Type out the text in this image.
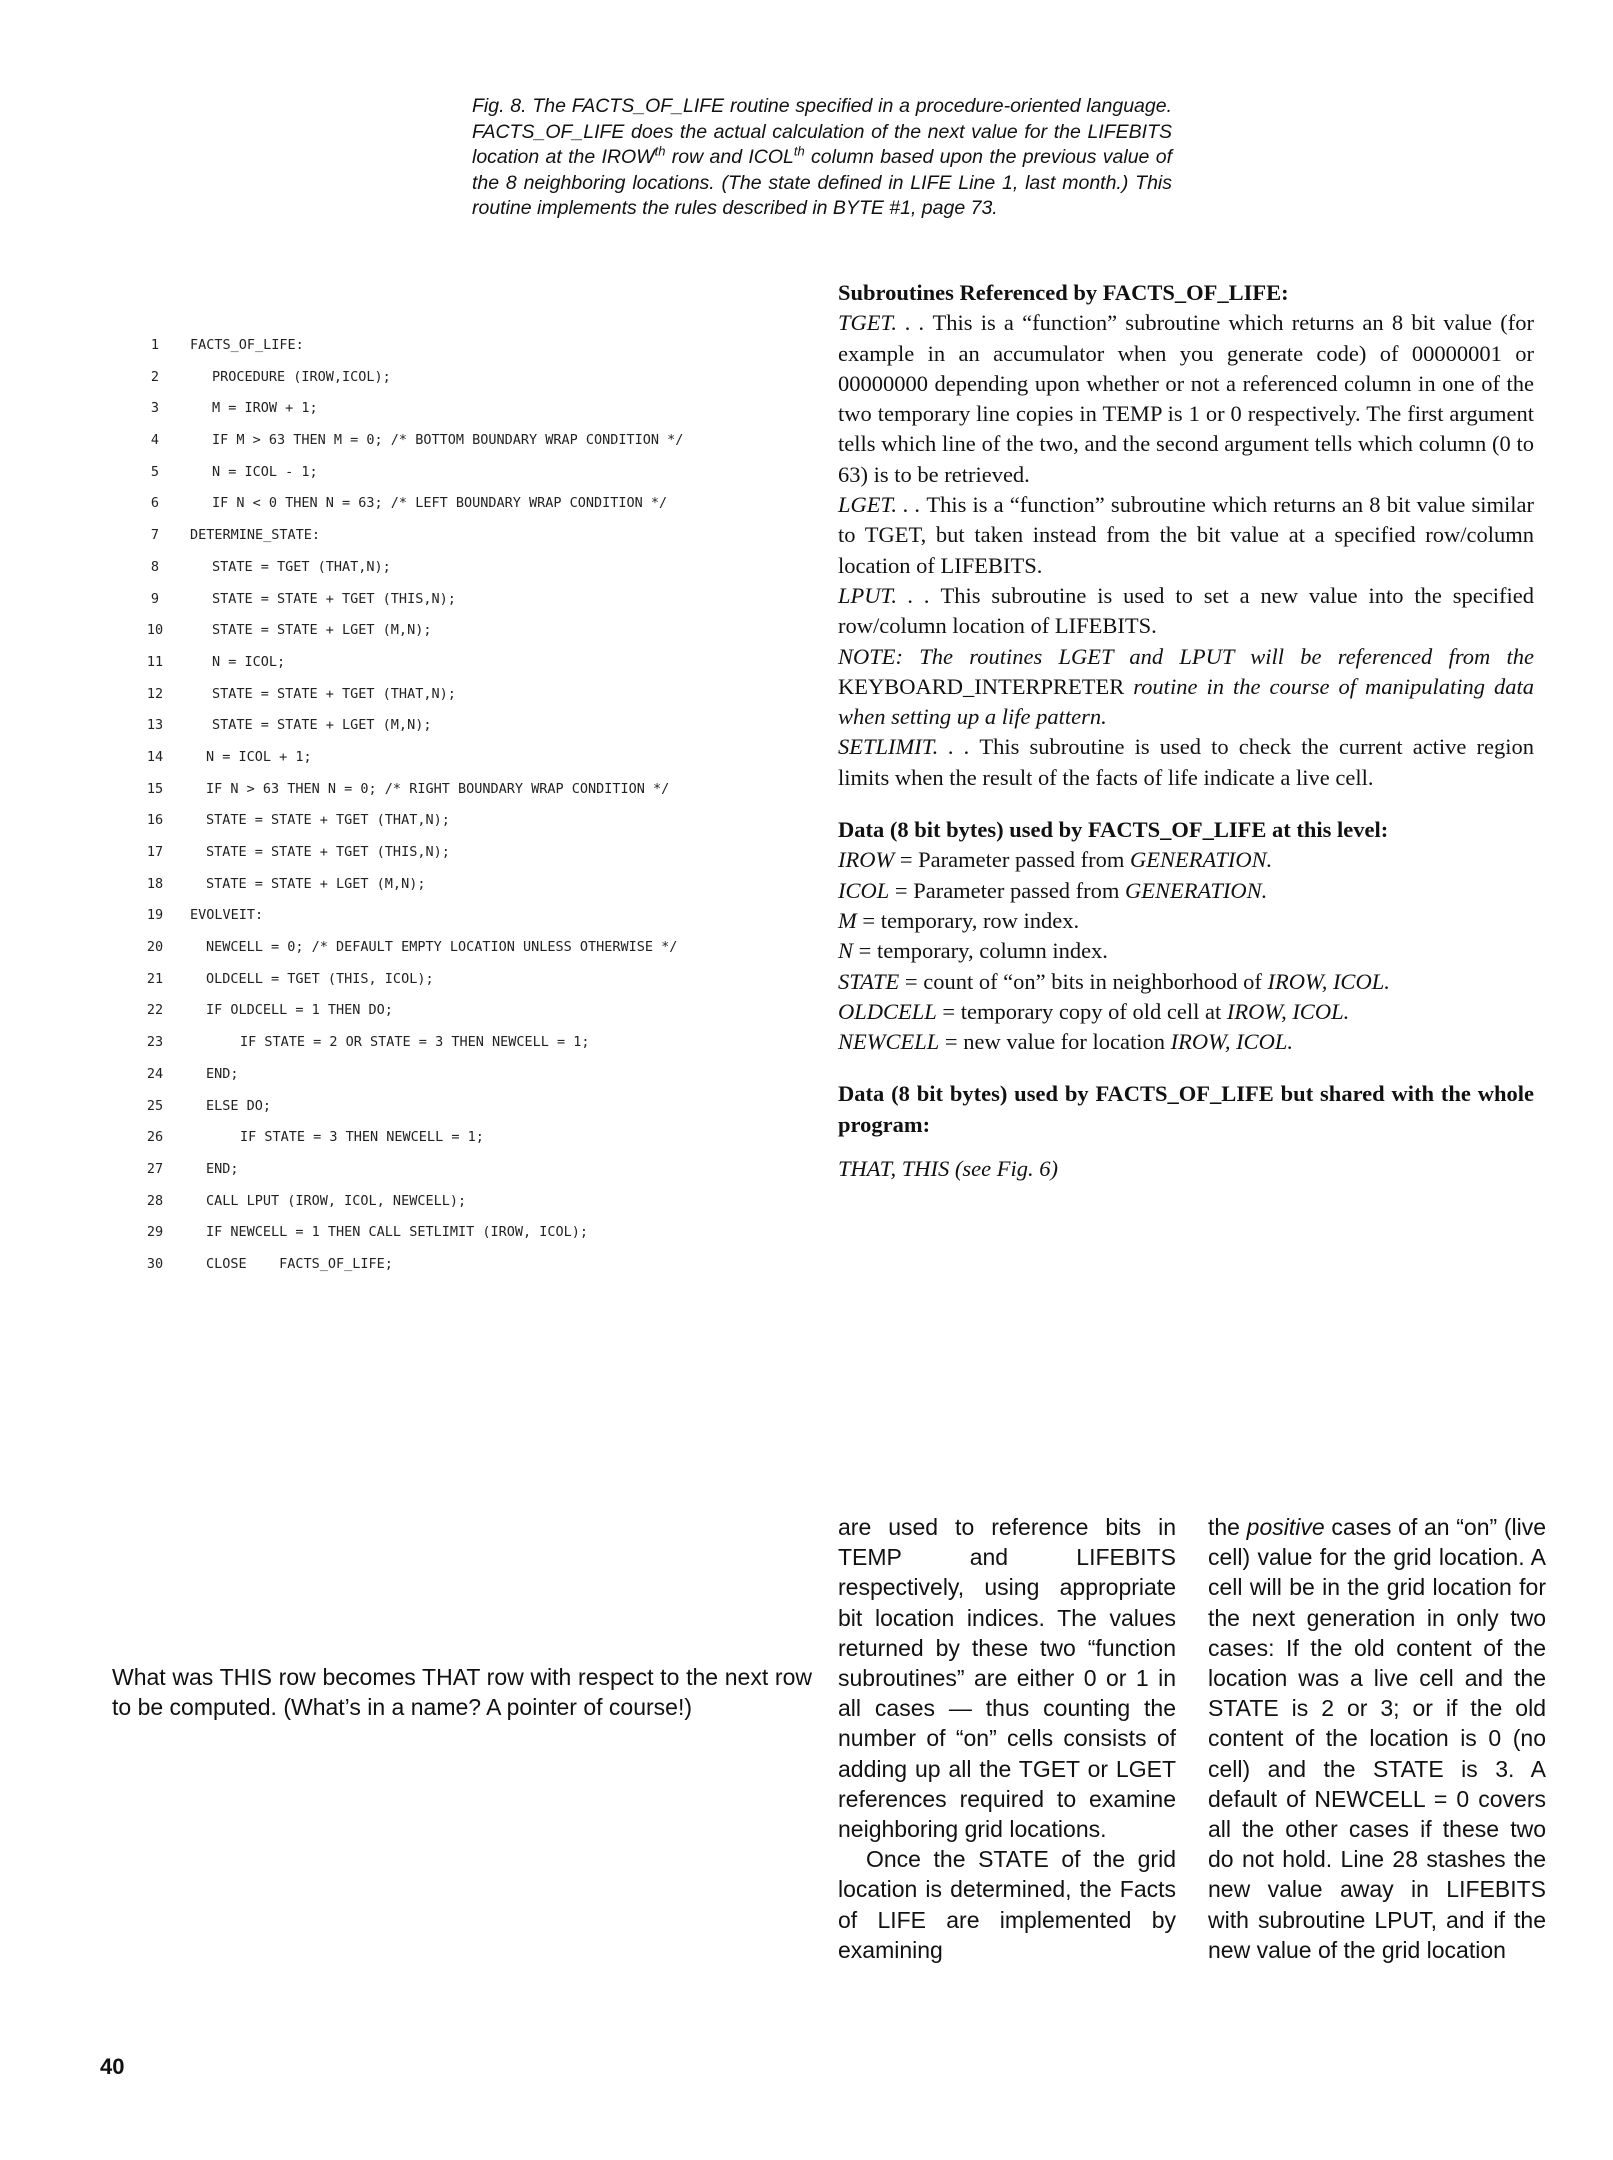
Fig. 8. The FACTS_OF_LIFE routine specified in a procedure-oriented language. FACTS_OF_LIFE does the actual calculation of the next value for the LIFEBITS location at the $IROW^{th}$ row and $ICOL^{th}$ column based upon the previous value of the 8 neighboring locations. (The state defined in LIFE Line 1, last month.) This routine implements the rules described in BYTE #1, page 73.

1	FACTS_OF_LIFE:
2	PROCEDURE (IROW,ICOL);
3	M = IROW + 1;
4	IF M > 63 THEN M = 0; /* BOTTOM BOUNDARY WRAP CONDITION */
5	N = ICOL - 1;
6	IF N < 0 THEN N = 63; /* LEFT BOUNDARY WRAP CONDITION */
7	DETERMINE_STATE:
8	STATE = TGET (THAT,N);
9	STATE = STATE + TGET (THIS,N);
10	STATE = STATE + LGET (M,N);
11	N = ICOL;
12	STATE = STATE + TGET (THAT,N);
13	STATE = STATE + LGET (M,N);
14	N = ICOL + 1;
15	IF N > 63 THEN N = 0; /* RIGHT BOUNDARY WRAP CONDITION */
16	STATE = STATE + TGET (THAT,N);
17	STATE = STATE + TGET (THIS,N);
18	STATE = STATE + LGET (M,N);
19	EVOLVEIT:
20	NEWCELL = 0; /* DEFAULT EMPTY LOCATION UNLESS OTHERWISE */
21	OLDCELL = TGET (THIS, ICOL);
22	IF OLDCELL = 1 THEN DO;
23	IF STATE = 2 OR STATE = 3 THEN NEWCELL = 1;
24	END;
25	ELSE DO;
26	IF STATE = 3 THEN NEWCELL = 1;
27	END;
28	CALL LPUT (IROW, ICOL, NEWCELL);
29	IF NEWCELL = 1 THEN CALL SETLIMIT (IROW, ICOL);
30	CLOSE    FACTS_OF_LIFE;

Subroutines Referenced by FACTS_OF_LIFE:

TGET. . . This is a “function” subroutine which returns an 8 bit value (for example in an accumulator when you generate code) of 00000001 or 00000000 depending upon whether or not a referenced column in one of the two temporary line copies in TEMP is 1 or 0 respectively. The first argument tells which line of the two, and the second argument tells which column (0 to 63) is to be retrieved.

LGET. . . This is a “function” subroutine which returns an 8 bit value similar to TGET, but taken instead from the bit value at a specified row/column location of LIFEBITS.

LPUT. . . This subroutine is used to set a new value into the specified row/column location of LIFEBITS.

NOTE: The routines LGET and LPUT will be referenced from the KEYBOARD_INTERPRETER routine in the course of manipulating data when setting up a life pattern.

SETLIMIT. . . This subroutine is used to check the current active region limits when the result of the facts of life indicate a live cell.

Data (8 bit bytes) used by FACTS_OF_LIFE at this level:

IROW = Parameter passed from GENERATION.

ICOL = Parameter passed from GENERATION.

M = temporary, row index.

N = temporary, column index.

STATE = count of “on” bits in neighborhood of IROW, ICOL.

OLDCELL = temporary copy of old cell at IROW, ICOL.

NEWCELL = new value for location IROW, ICOL.

Data (8 bit bytes) used by FACTS_OF_LIFE but shared with the whole program:

THAT, THIS (see Fig. 6)

What was THIS row becomes THAT row with respect to the next row to be computed. (What’s in a name? A pointer of course!)

are used to reference bits in TEMP and LIFEBITS respectively, using appropriate bit location indices. The values returned by these two “function subroutines” are either 0 or 1 in all cases — thus counting the number of “on” cells consists of adding up all the TGET or LGET references required to examine neighboring grid locations.

Once the STATE of the grid location is determined, the Facts of LIFE are implemented by examining

the positive cases of an “on” (live cell) value for the grid location. A cell will be in the grid location for the next generation in only two cases: If the old content of the location was a live cell and the STATE is 2 or 3; or if the old content of the location is 0 (no cell) and the STATE is 3. A default of NEWCELL = 0 covers all the other cases if these two do not hold. Line 28 stashes the new value away in LIFEBITS with subroutine LPUT, and if the new value of the grid location

40
